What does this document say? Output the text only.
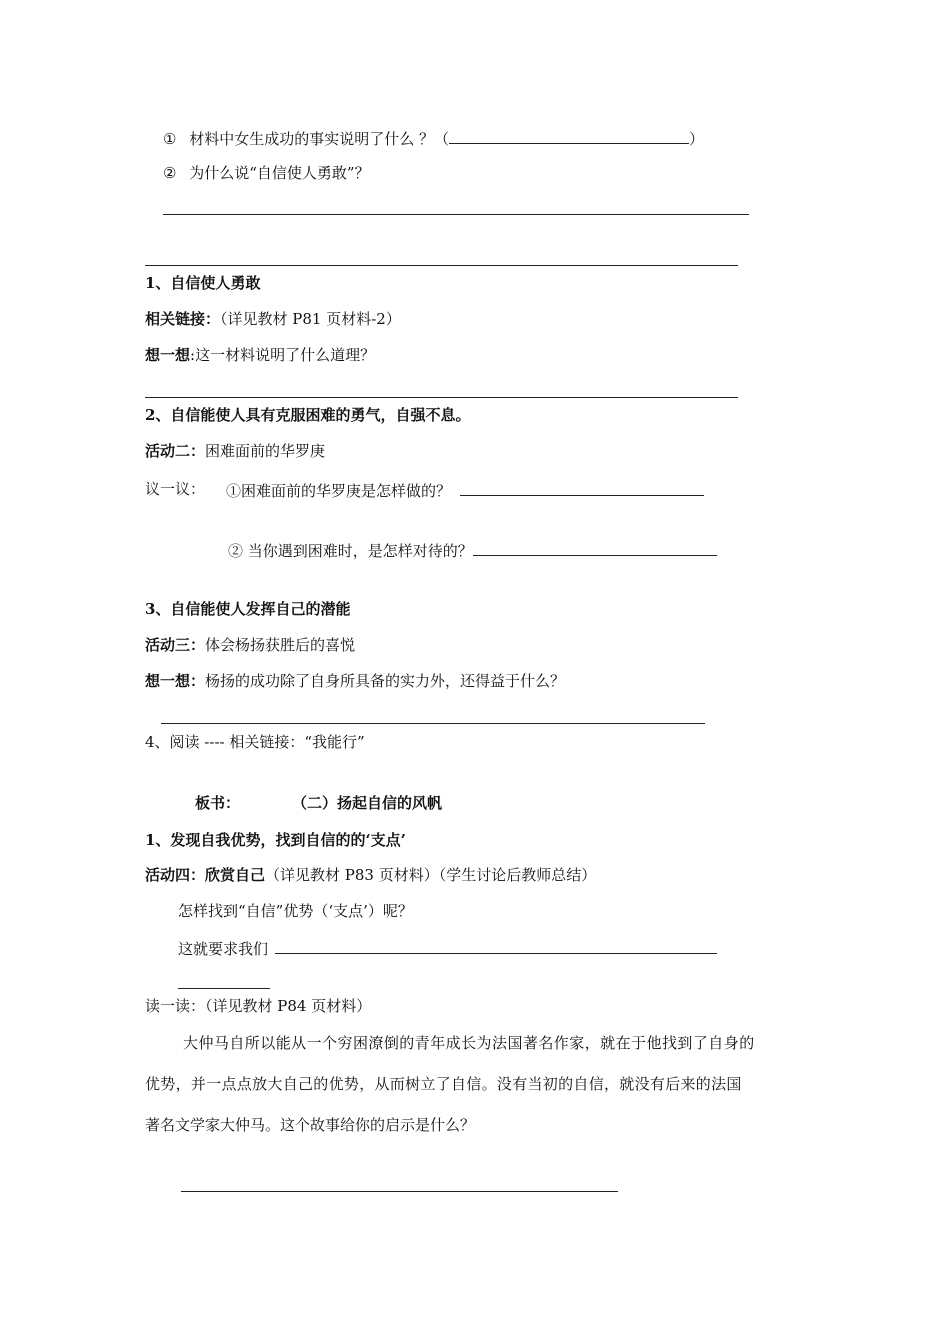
① 材料中女生成功的事实说明了什么 ？（	）
② 为什么说“自信使人勇敢”？
1、自信使人勇敢
相关链接：（详见教材 P81 页材料-2）
想一想:这一材料说明了什么道理？
2、自信能使人具有克服困难的勇气，自强不息。
活动二：困难面前的华罗庚
议一议： ①困难面前的华罗庚是怎样做的？
② 当你遇到困难时，是怎样对待的？
3、自信能使人发挥自己的潜能
活动三：体会杨扬获胜后的喜悦
想一想：杨扬的成功除了自身所具备的实力外，还得益于什么？
4、阅读 ---- 相关链接：“我能行”
板书：	（二）扬起自信的风帆
1、发现自我优势，找到自信的的‘支点’
活动四：欣赏自己（详见教材 P83 页材料）（学生讨论后教师总结）
怎样找到“自信”优势（‘支点’）呢？
这就要求我们
读一读：（详见教材 P84 页材料）
大仲马自所以能从一个穷困潦倒的青年成长为法国著名作家，就在于他找到了自身的
优势，并一点点放大自己的优势，从而树立了自信。没有当初的自信，就没有后来的法国
著名文学家大仲马。这个故事给你的启示是什么？
